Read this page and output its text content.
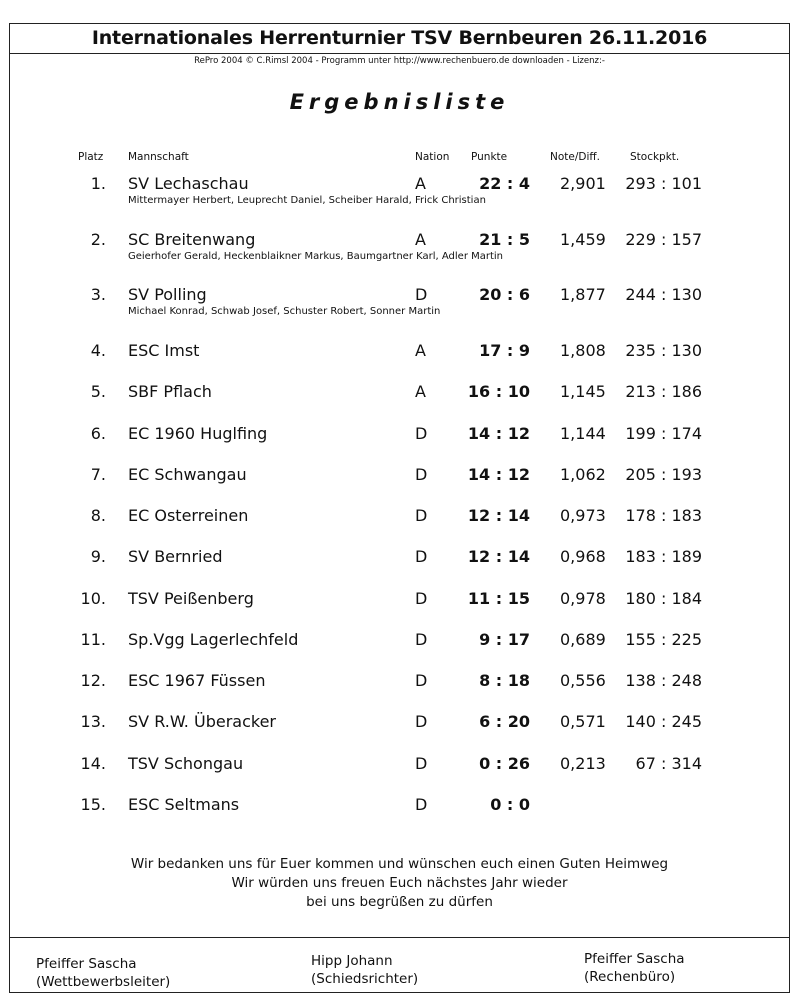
Internationales Herrenturnier TSV Bernbeuren 26.11.2016
RePro 2004 © C.Rimsl 2004 - Programm unter http://www.rechenbuero.de downloaden - Lizenz:-
Ergebnisliste
Platz Mannschaft	Nation Punkte	Note/Diff.	Stockpkt.
1. SV Lechaschau	A	22 : 4 2,901	293 : 101
Mittermayer Herbert, Leuprecht Daniel, Scheiber Harald, Frick Christian
2. SC Breitenwang	A	21 : 5 1,459	229 : 157
Geierhofer Gerald, Heckenblaikner Markus, Baumgartner Karl, Adler Martin
3. SV Polling	D	20 : 6 1,877	244 : 130
Michael Konrad, Schwab Josef, Schuster Robert, Sonner Martin
4. ESC Imst	A	17 : 9 1,808	235 : 130
5. SBF Pflach	A	16 : 10 1,145	213 : 186
6. EC 1960 Huglfing	D	14 : 12 1,144	199 : 174
7. EC Schwangau	D	14 : 12 1,062	205 : 193
8. EC Osterreinen	D	12 : 14 0,973	178 : 183
9. SV Bernried	D	12 : 14 0,968	183 : 189
10. TSV Peißenberg	D	11 : 15 0,978	180 : 184
11. Sp.Vgg Lagerlechfeld	D	9 : 17 0,689	155 : 225
12. ESC 1967 Füssen	D	8 : 18 0,556	138 : 248
13. SV R.W. Überacker	D	6 : 20 0,571	140 : 245
14. TSV Schongau	D	0 : 26 0,213	67 : 314
15. ESC Seltmans	D	0 : 0
Wir bedanken uns für Euer kommen und wünschen euch einen Guten Heimweg
Wir würden uns freuen Euch nächstes Jahr wieder
bei uns begrüßen zu dürfen
Pfeiffer Sascha
(Wettbewerbsleiter)
Hipp Johann
(Schiedsrichter)
Pfeiffer Sascha
(Rechenbüro)
